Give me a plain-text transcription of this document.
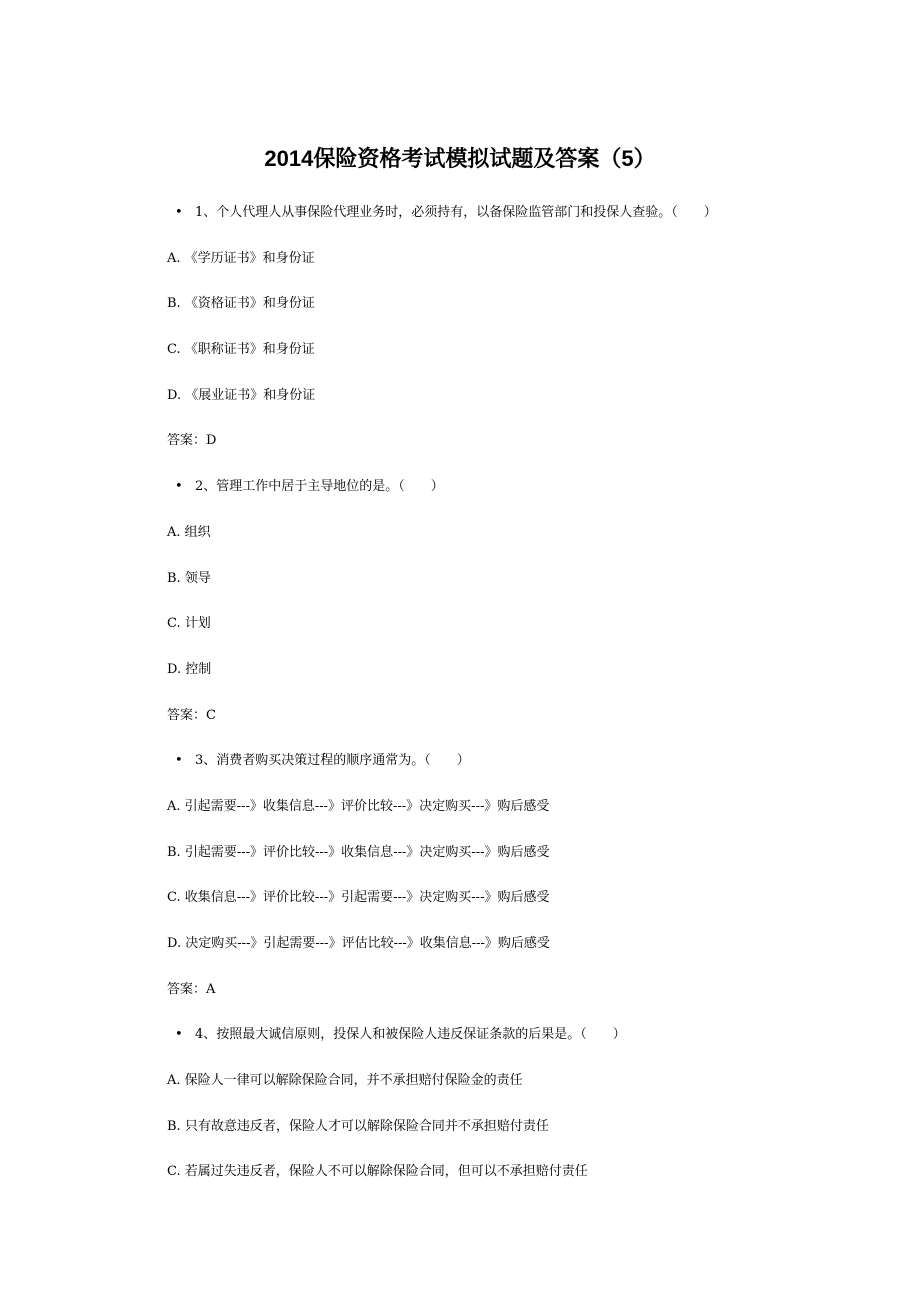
2014保险资格考试模拟试题及答案（5）
• 1、个人代理人从事保险代理业务时，必须持有，以备保险监管部门和投保人查验。（　　）
A. 《学历证书》和身份证
B. 《资格证书》和身份证
C. 《职称证书》和身份证
D. 《展业证书》和身份证
答案：D
• 2、管理工作中居于主导地位的是。（　　）
A. 组织
B. 领导
C. 计划
D. 控制
答案：C
• 3、消费者购买决策过程的顺序通常为。（　　）
A. 引起需要---》收集信息---》评价比较---》决定购买---》购后感受
B. 引起需要---》评价比较---》收集信息---》决定购买---》购后感受
C. 收集信息---》评价比较---》引起需要---》决定购买---》购后感受
D. 决定购买---》引起需要---》评估比较---》收集信息---》购后感受
答案：A
• 4、按照最大诚信原则，投保人和被保险人违反保证条款的后果是。（　　）
A. 保险人一律可以解除保险合同，并不承担赔付保险金的责任
B. 只有故意违反者，保险人才可以解除保险合同并不承担赔付责任
C. 若属过失违反者，保险人不可以解除保险合同，但可以不承担赔付责任
